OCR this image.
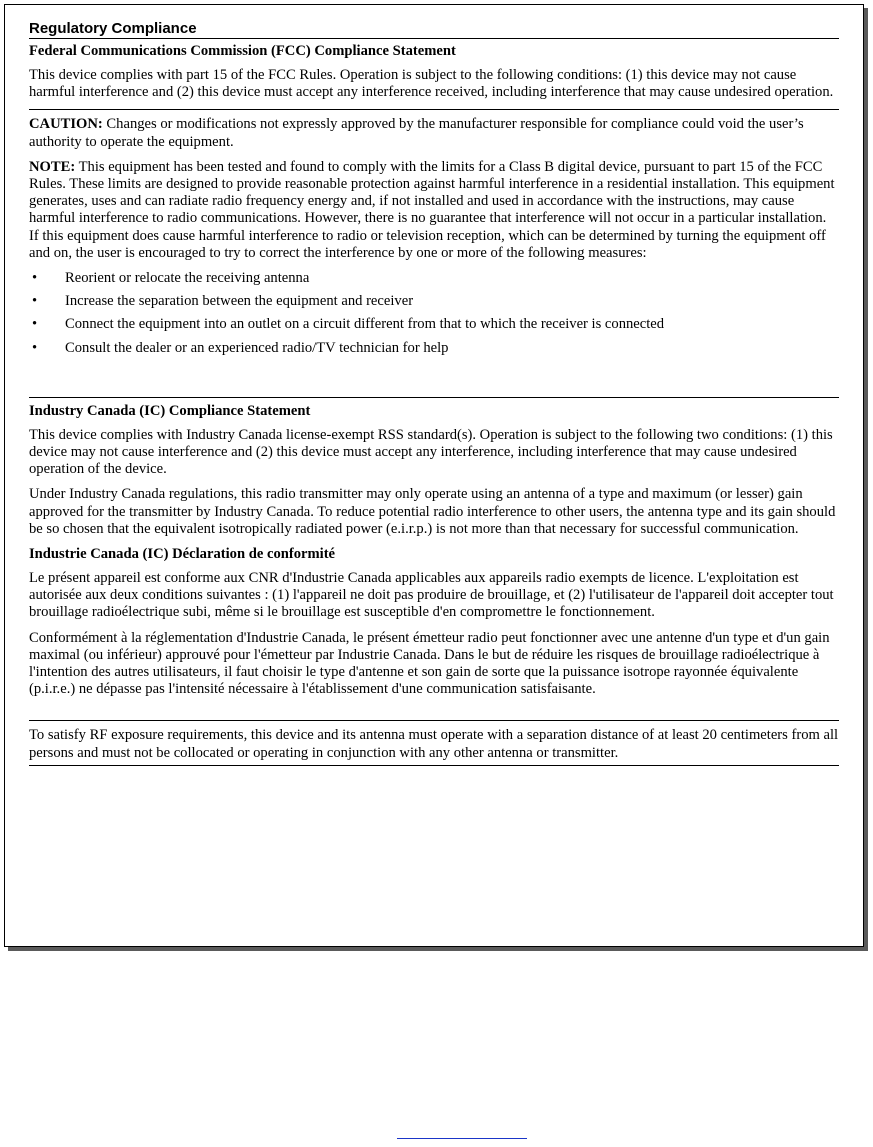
Regulatory Compliance
Federal Communications Commission (FCC) Compliance Statement

This device complies with part 15 of the FCC Rules. Operation is subject to the following conditions: (1) this device may not cause harmful interference and (2) this device must accept any interference received, including interference that may cause undesired operation.

CAUTION: Changes or modifications not expressly approved by the manufacturer responsible for compliance could void the user’s authority to operate the equipment.

NOTE: This equipment has been tested and found to comply with the limits for a Class B digital device, pursuant to part 15 of the FCC Rules. These limits are designed to provide reasonable protection against harmful interference in a residential installation. This equipment generates, uses and can radiate radio frequency energy and, if not installed and used in accordance with the instructions, may cause harmful interference to radio communications. However, there is no guarantee that interference will not occur in a particular installation. If this equipment does cause harmful interference to radio or television reception, which can be determined by turning the equipment off and on, the user is encouraged to try to correct the interference by one or more of the following measures:

• Reorient or relocate the receiving antenna
• Increase the separation between the equipment and receiver
• Connect the equipment into an outlet on a circuit different from that to which the receiver is connected
• Consult the dealer or an experienced radio/TV technician for help
Industry Canada (IC) Compliance Statement

This device complies with Industry Canada license-exempt RSS standard(s). Operation is subject to the following two conditions: (1) this device may not cause interference and (2) this device must accept any interference, including interference that may cause undesired operation of the device.

Under Industry Canada regulations, this radio transmitter may only operate using an antenna of a type and maximum (or lesser) gain approved for the transmitter by Industry Canada. To reduce potential radio interference to other users, the antenna type and its gain should be so chosen that the equivalent isotropically radiated power (e.i.r.p.) is not more than that necessary for successful communication.

Industrie Canada (IC) Déclaration de conformité

Le présent appareil est conforme aux CNR d'Industrie Canada applicables aux appareils radio exempts de licence. L'exploitation est autorisée aux deux conditions suivantes : (1) l'appareil ne doit pas produire de brouillage, et (2) l'utilisateur de l'appareil doit accepter tout brouillage radioélectrique subi, même si le brouillage est susceptible d'en compromettre le fonctionnement.

Conformément à la réglementation d'Industrie Canada, le présent émetteur radio peut fonctionner avec une antenne d'un type et d'un gain maximal (ou inférieur) approuvé pour l'émetteur par Industrie Canada. Dans le but de réduire les risques de brouillage radioélectrique à l'intention des autres utilisateurs, il faut choisir le type d'antenne et son gain de sorte que la puissance isotrope rayonnée équivalente (p.i.r.e.) ne dépasse pas l'intensité nécessaire à l'établissement d'une communication satisfaisante.

To satisfy RF exposure requirements, this device and its antenna must operate with a separation distance of at least 20 centimeters from all persons and must not be collocated or operating in conjunction with any other antenna or transmitter.
